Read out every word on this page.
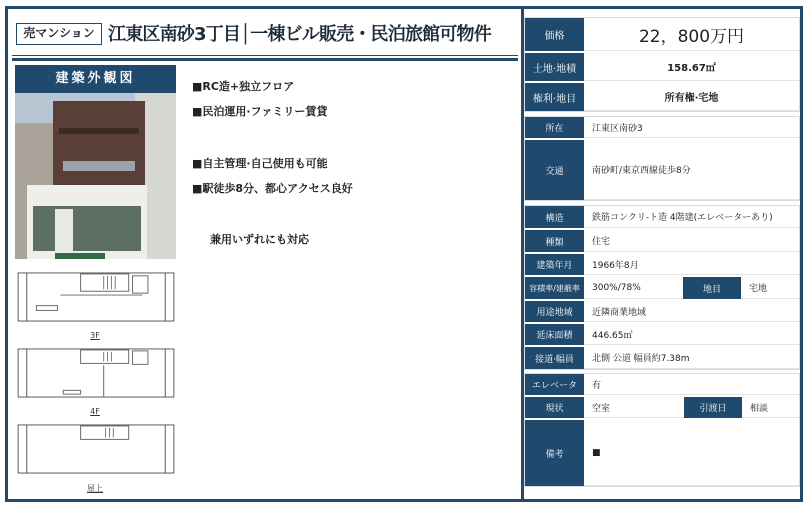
売マンション 江東区南砂3丁目│一棟ビル販売・民泊旅館可物件
建築外観図
■RC造+独立フロア
■民泊運用·ファミリー賃貸
■自主管理·自己使用も可能
■駅徒歩8分、都心アクセス良好
兼用いずれにも対応
3F
4F
屋上
価格	22，800万円
土地·地積	158.67㎡
権利·地目	所有権·宅地
所在	江東区南砂3
交通	南砂町/東京西線徒歩8分
構造	鉄筋コンクリ-ト造 4階建(エレベーターあり)
種類	住宅
建築年月	1966年8月
容積率/建蔽率	300%/78%	地目	宅地
用途地域	近隣商業地域
延床面積	446.65㎡
接道·幅員	北側 公道 幅員約7.38m
エレベータ	有
現状	空室	引渡日	相談
備考	■
